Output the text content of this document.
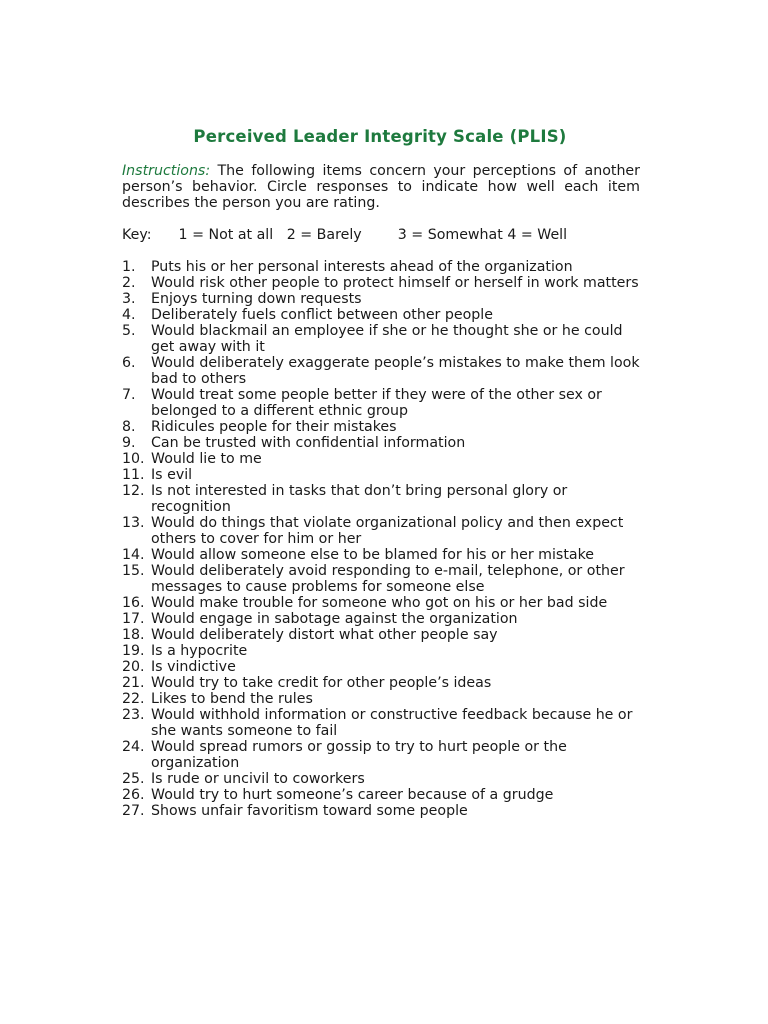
Perceived Leader Integrity Scale (PLIS)

Instructions: The following items concern your perceptions of another person’s behavior. Circle responses to indicate how well each item describes the person you are rating.

Key: 1 = Not at all 2 = Barely	3 = Somewhat 4 = Well
1.	Puts his or her personal interests ahead of the organization
2.	Would risk other people to protect himself or herself in work matters
3.	Enjoys turning down requests
4.	Deliberately fuels conflict between other people
5.	Would blackmail an employee if she or he thought she or he could get away with it
6.	Would deliberately exaggerate people’s mistakes to make them look bad to others
7.	Would treat some people better if they were of the other sex or belonged to a different ethnic group
8.	Ridicules people for their mistakes
9.	Can be trusted with confidential information
10. Would lie to me
11. Is evil
12. Is not interested in tasks that don’t bring personal glory or recognition
13. Would do things that violate organizational policy and then expect others to cover for him or her
14. Would allow someone else to be blamed for his or her mistake
15. Would deliberately avoid responding to e-mail, telephone, or other messages to cause problems for someone else
16. Would make trouble for someone who got on his or her bad side
17. Would engage in sabotage against the organization
18. Would deliberately distort what other people say
19. Is a hypocrite
20. Is vindictive
21. Would try to take credit for other people’s ideas
22. Likes to bend the rules
23. Would withhold information or constructive feedback because he or she wants someone to fail
24. Would spread rumors or gossip to try to hurt people or the organization
25. Is rude or uncivil to coworkers
26. Would try to hurt someone’s career because of a grudge
27. Shows unfair favoritism toward some people
